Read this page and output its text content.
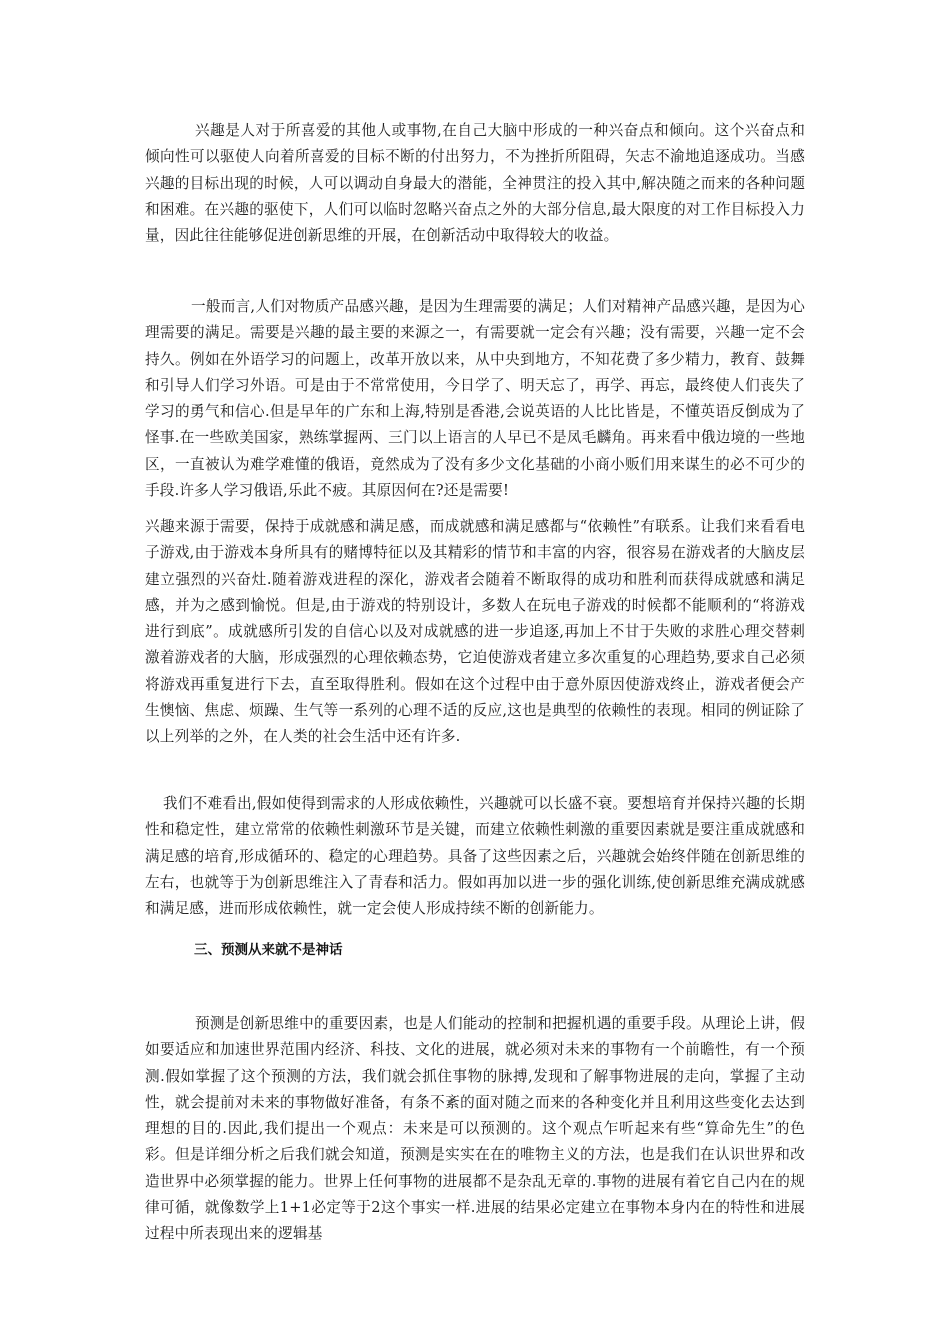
兴趣是人对于所喜爱的其他人或事物,在自己大脑中形成的一种兴奋点和倾向。这个兴奋点和倾向性可以驱使人向着所喜爱的目标不断的付出努力，不为挫折所阻碍，矢志不渝地追逐成功。当感兴趣的目标出现的时候，人可以调动自身最大的潜能，全神贯注的投入其中,解决随之而来的各种问题和困难。在兴趣的驱使下，人们可以临时忽略兴奋点之外的大部分信息,最大限度的对工作目标投入力量，因此往往能够促进创新思维的开展，在创新活动中取得较大的收益。

一般而言,人们对物质产品感兴趣，是因为生理需要的满足；人们对精神产品感兴趣，是因为心理需要的满足。需要是兴趣的最主要的来源之一，有需要就一定会有兴趣；没有需要，兴趣一定不会持久。例如在外语学习的问题上，改革开放以来，从中央到地方，不知花费了多少精力，教育、鼓舞和引导人们学习外语。可是由于不常常使用，今日学了、明天忘了，再学、再忘，最终使人们丧失了学习的勇气和信心.但是早年的广东和上海,特别是香港,会说英语的人比比皆是，不懂英语反倒成为了怪事.在一些欧美国家，熟练掌握两、三门以上语言的人早已不是凤毛麟角。再来看中俄边境的一些地区，一直被认为难学难懂的俄语，竟然成为了没有多少文化基础的小商小贩们用来谋生的必不可少的手段.许多人学习俄语,乐此不疲。其原因何在?还是需要!

兴趣来源于需要，保持于成就感和满足感，而成就感和满足感都与“依赖性”有联系。让我们来看看电子游戏,由于游戏本身所具有的赌博特征以及其精彩的情节和丰富的内容，很容易在游戏者的大脑皮层建立强烈的兴奋灶.随着游戏进程的深化，游戏者会随着不断取得的成功和胜利而获得成就感和满足感，并为之感到愉悦。但是,由于游戏的特别设计，多数人在玩电子游戏的时候都不能顺利的“将游戏进行到底”。成就感所引发的自信心以及对成就感的进一步追逐,再加上不甘于失败的求胜心理交替刺激着游戏者的大脑，形成强烈的心理依赖态势，它迫使游戏者建立多次重复的心理趋势,要求自己必须将游戏再重复进行下去，直至取得胜利。假如在这个过程中由于意外原因使游戏终止，游戏者便会产生懊恼、焦虑、烦躁、生气等一系列的心理不适的反应,这也是典型的依赖性的表现。相同的例证除了以上列举的之外，在人类的社会生活中还有许多.

我们不难看出,假如使得到需求的人形成依赖性，兴趣就可以长盛不衰。要想培育并保持兴趣的长期性和稳定性，建立常常的依赖性刺激环节是关键，而建立依赖性刺激的重要因素就是要注重成就感和满足感的培育,形成循环的、稳定的心理趋势。具备了这些因素之后，兴趣就会始终伴随在创新思维的左右，也就等于为创新思维注入了青春和活力。假如再加以进一步的强化训练,使创新思维充满成就感和满足感，进而形成依赖性，就一定会使人形成持续不断的创新能力。

三、预测从来就不是神话

预测是创新思维中的重要因素，也是人们能动的控制和把握机遇的重要手段。从理论上讲，假如要适应和加速世界范围内经济、科技、文化的进展，就必须对未来的事物有一个前瞻性，有一个预测.假如掌握了这个预测的方法，我们就会抓住事物的脉搏,发现和了解事物进展的走向，掌握了主动性，就会提前对未来的事物做好准备，有条不紊的面对随之而来的各种变化并且利用这些变化去达到理想的目的.因此,我们提出一个观点：未来是可以预测的。这个观点乍听起来有些“算命先生”的色彩。但是详细分析之后我们就会知道，预测是实实在在的唯物主义的方法，也是我们在认识世界和改造世界中必须掌握的能力。世界上任何事物的进展都不是杂乱无章的.事物的进展有着它自己内在的规律可循，就像数学上1+1必定等于2这个事实一样.进展的结果必定建立在事物本身内在的特性和进展过程中所表现出来的逻辑基
